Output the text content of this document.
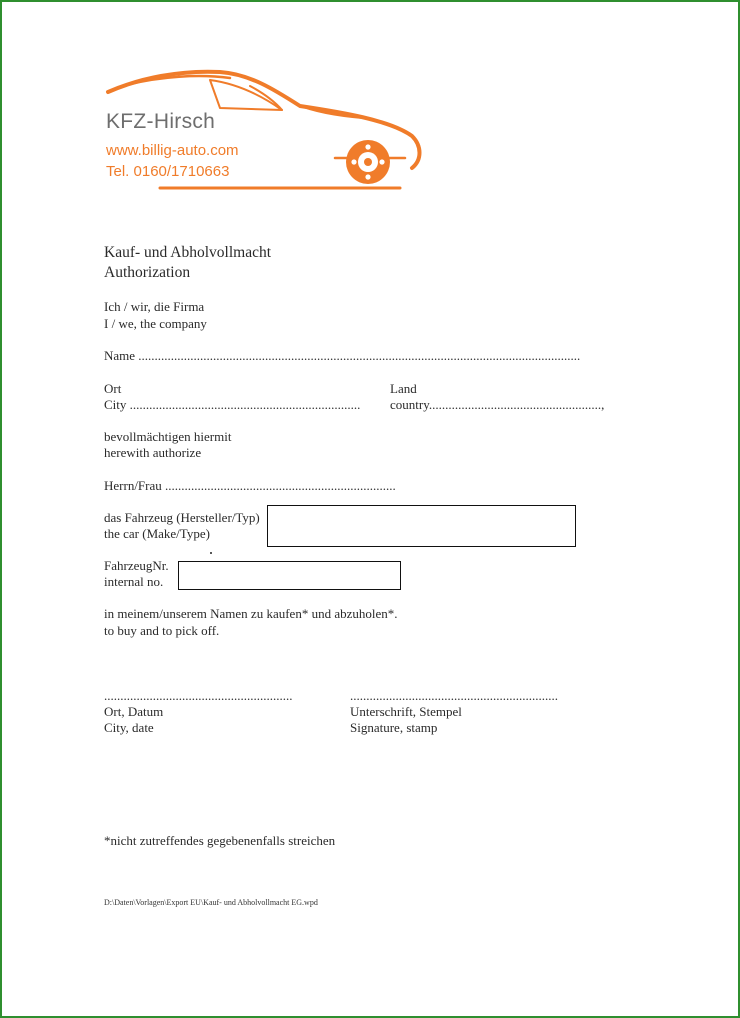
KFZ-Hirsch
www.billig-auto.com
Tel. 0160/1710663
Kauf- und Abholvollmacht
Authorization
Ich / wir, die Firma
I / we, the company
Name ........................................................................................................................................
Ort
City .......................................................................
Land
country.....................................................,
bevollmächtigen hiermit
herewith authorize
Herrn/Frau .......................................................................
das Fahrzeug (Hersteller/Typ)
the car (Make/Type)
FahrzeugNr.
internal no.
in meinem/unserem Namen zu kaufen* und abzuholen*.
to buy and to pick off.
..........................................................
Ort, Datum
City, date
................................................................
Unterschrift, Stempel
Signature, stamp
*nicht zutreffendes gegebenenfalls streichen
D:\Daten\Vorlagen\Export EU\Kauf- und Abholvollmacht EG.wpd
